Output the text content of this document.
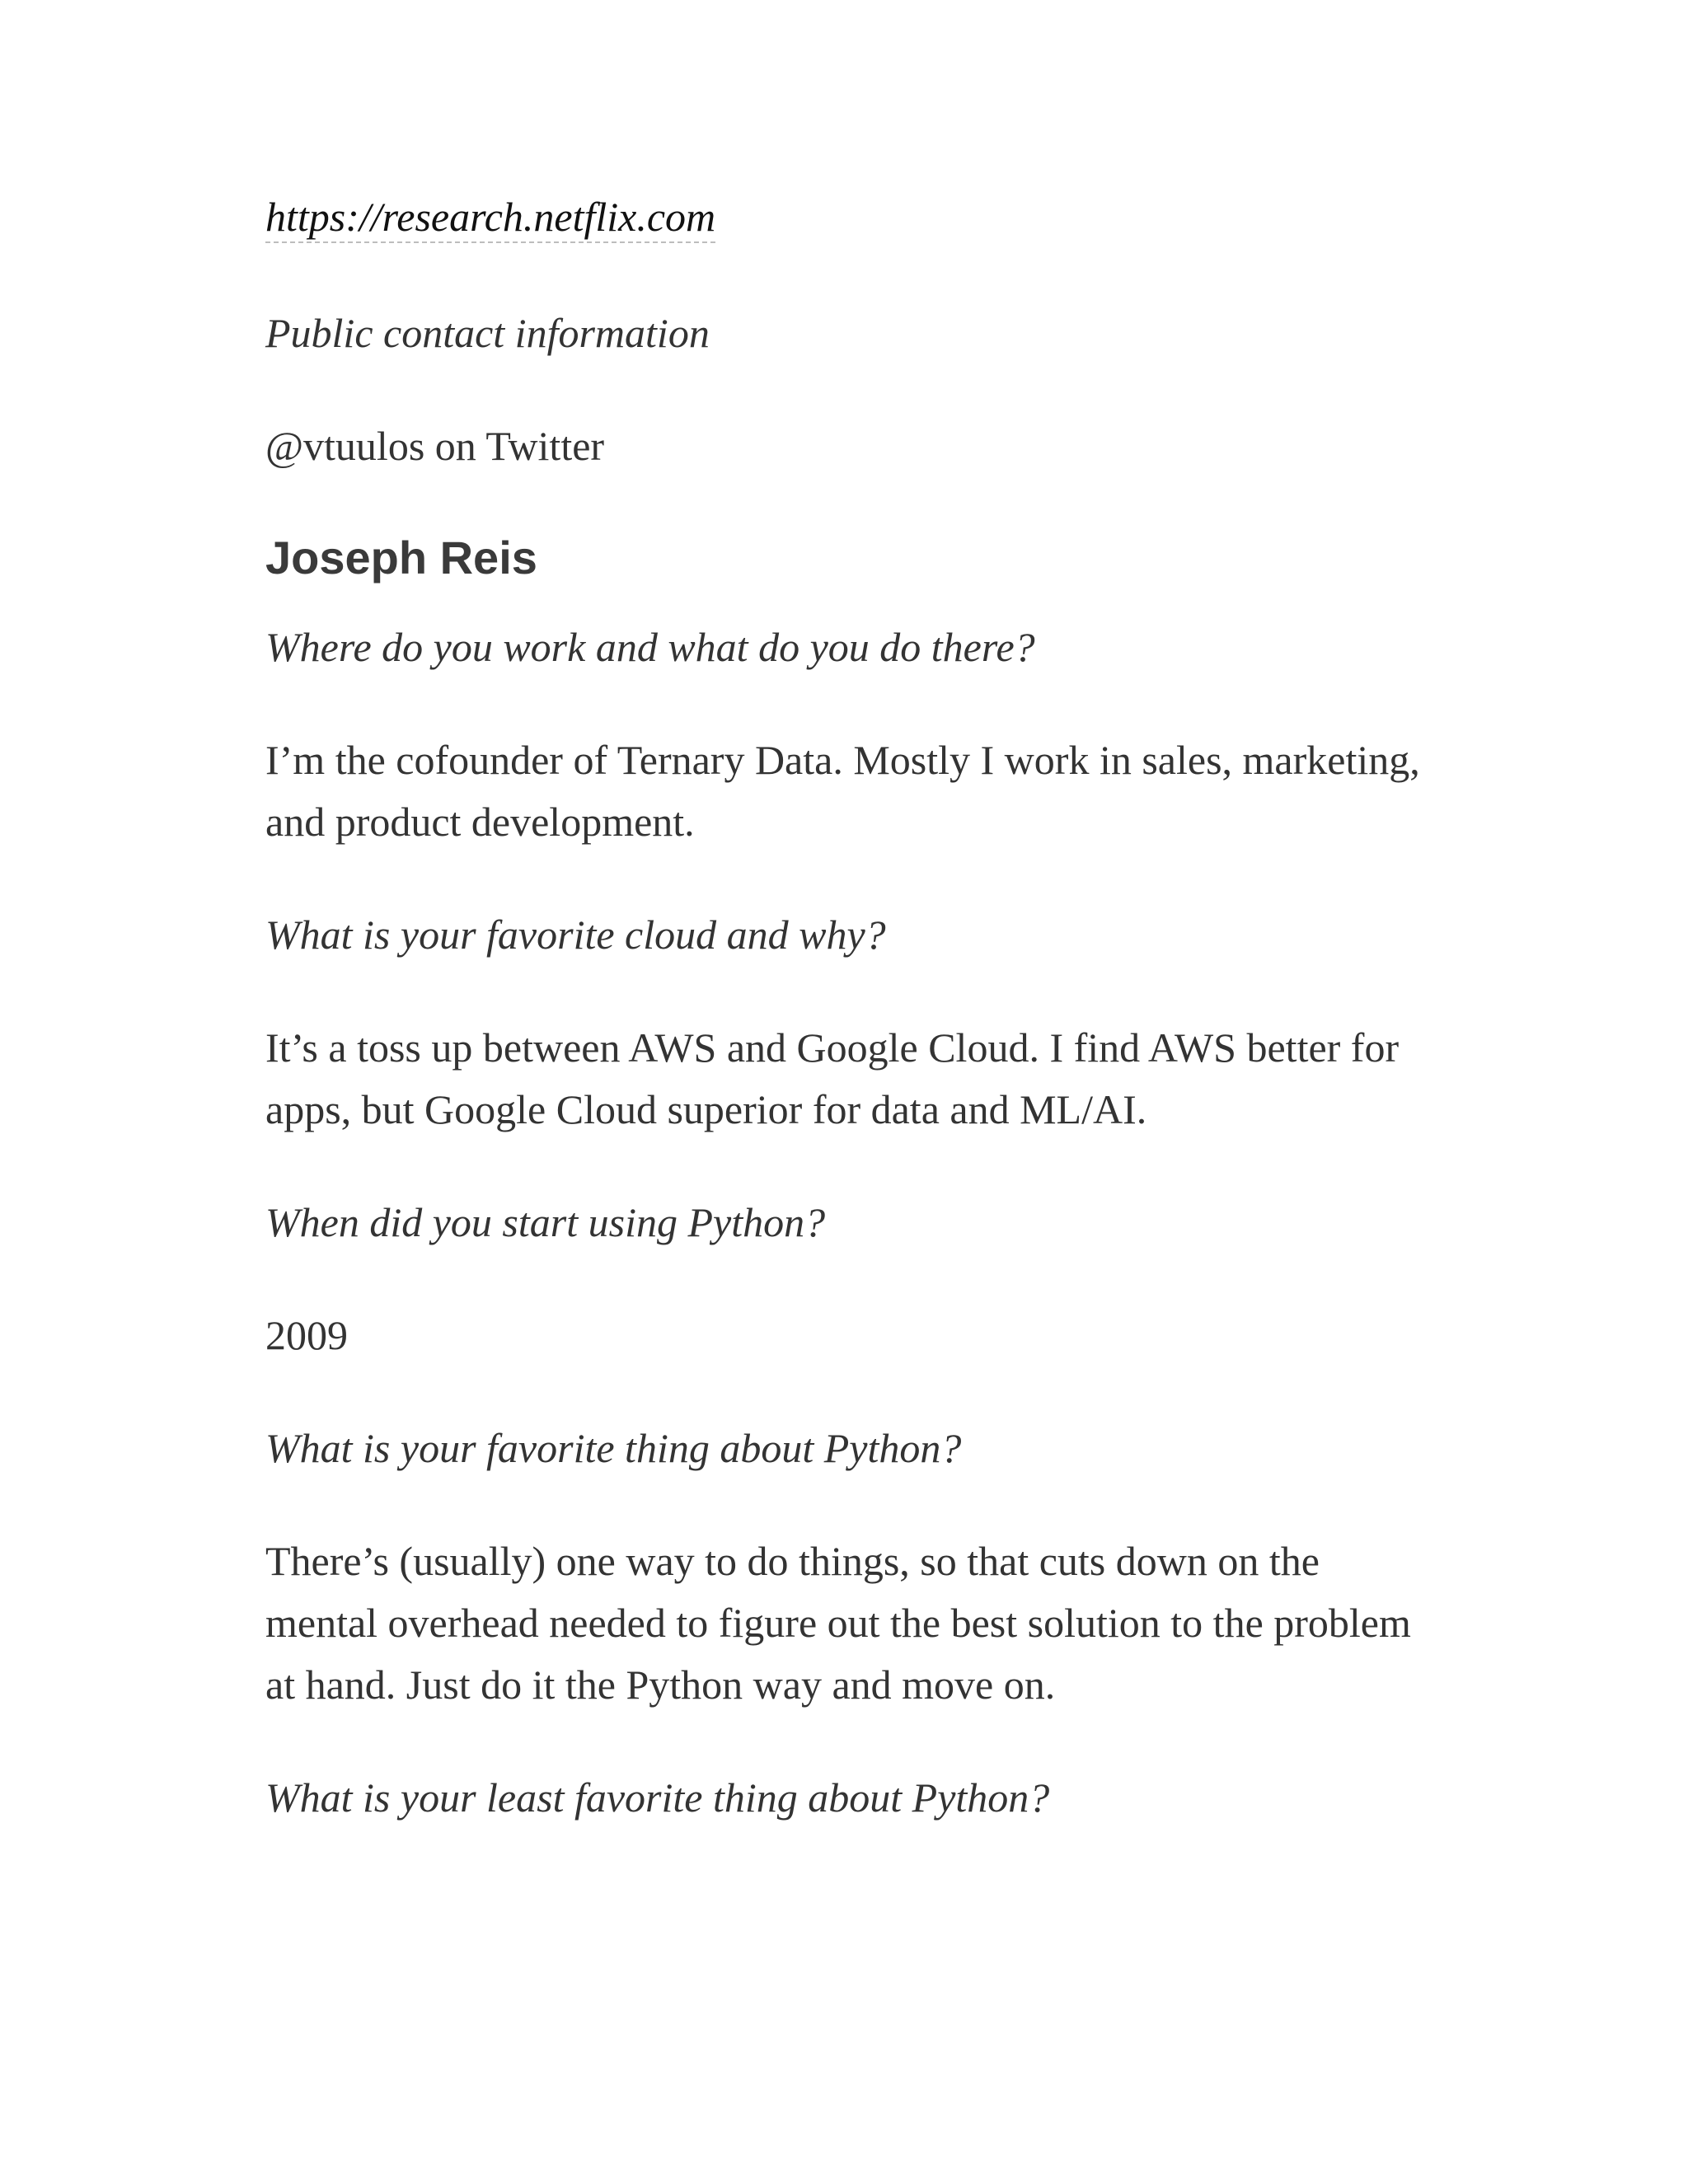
https://research.netflix.com

Public contact information

@vtuulos on Twitter

Joseph Reis

Where do you work and what do you do there?

I’m the cofounder of Ternary Data. Mostly I work in sales, marketing, and product development.

What is your favorite cloud and why?

It’s a toss up between AWS and Google Cloud. I find AWS better for apps, but Google Cloud superior for data and ML/AI.

When did you start using Python?

2009

What is your favorite thing about Python?

There’s (usually) one way to do things, so that cuts down on the mental overhead needed to figure out the best solution to the problem at hand. Just do it the Python way and move on.

What is your least favorite thing about Python?
